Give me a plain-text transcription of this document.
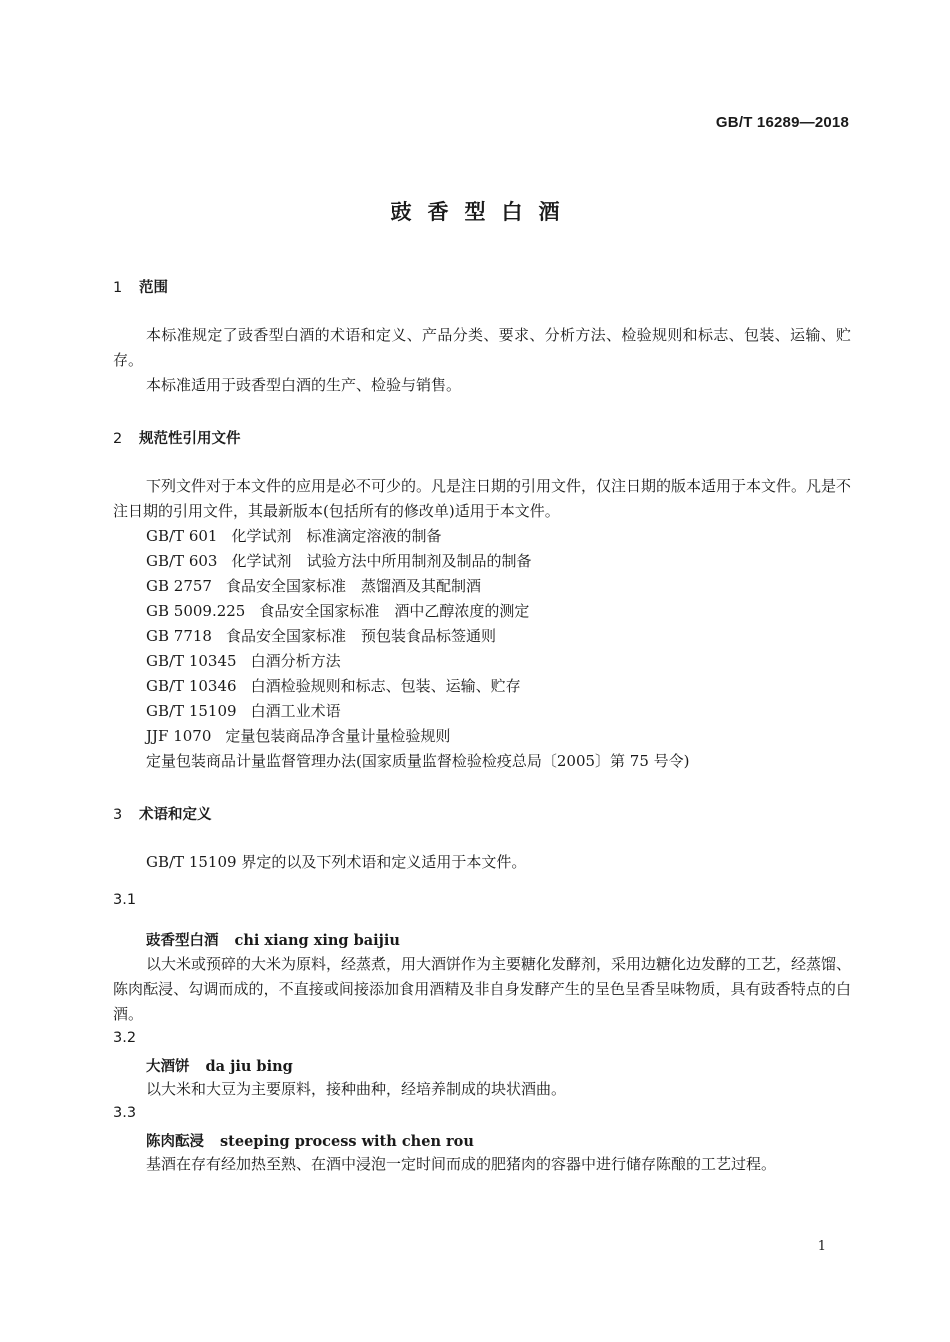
GB/T 16289—2018
豉香型白酒
1 范围
本标准规定了豉香型白酒的术语和定义、产品分类、要求、分析方法、检验规则和标志、包装、运输、贮存。
本标准适用于豉香型白酒的生产、检验与销售。
2 规范性引用文件
下列文件对于本文件的应用是必不可少的。凡是注日期的引用文件，仅注日期的版本适用于本文件。凡是不注日期的引用文件，其最新版本(包括所有的修改单)适用于本文件。
GB/T 601 化学试剂　标准滴定溶液的制备
GB/T 603 化学试剂　试验方法中所用制剂及制品的制备
GB 2757 食品安全国家标准　蒸馏酒及其配制酒
GB 5009.225 食品安全国家标准　酒中乙醇浓度的测定
GB 7718 食品安全国家标准　预包装食品标签通则
GB/T 10345 白酒分析方法
GB/T 10346 白酒检验规则和标志、包装、运输、贮存
GB/T 15109 白酒工业术语
JJF 1070 定量包装商品净含量计量检验规则
定量包装商品计量监督管理办法(国家质量监督检验检疫总局〔2005〕第 75 号令)
3 术语和定义
GB/T 15109 界定的以及下列术语和定义适用于本文件。
3.1
豉香型白酒 chi xiang xing baijiu
以大米或预碎的大米为原料，经蒸煮，用大酒饼作为主要糖化发酵剂，采用边糖化边发酵的工艺，经蒸馏、陈肉酝浸、勾调而成的，不直接或间接添加食用酒精及非自身发酵产生的呈色呈香呈味物质，具有豉香特点的白酒。
3.2
大酒饼 da jiu bing
以大米和大豆为主要原料，接种曲种，经培养制成的块状酒曲。
3.3
陈肉酝浸 steeping process with chen rou
基酒在存有经加热至熟、在酒中浸泡一定时间而成的肥猪肉的容器中进行储存陈酿的工艺过程。
1
